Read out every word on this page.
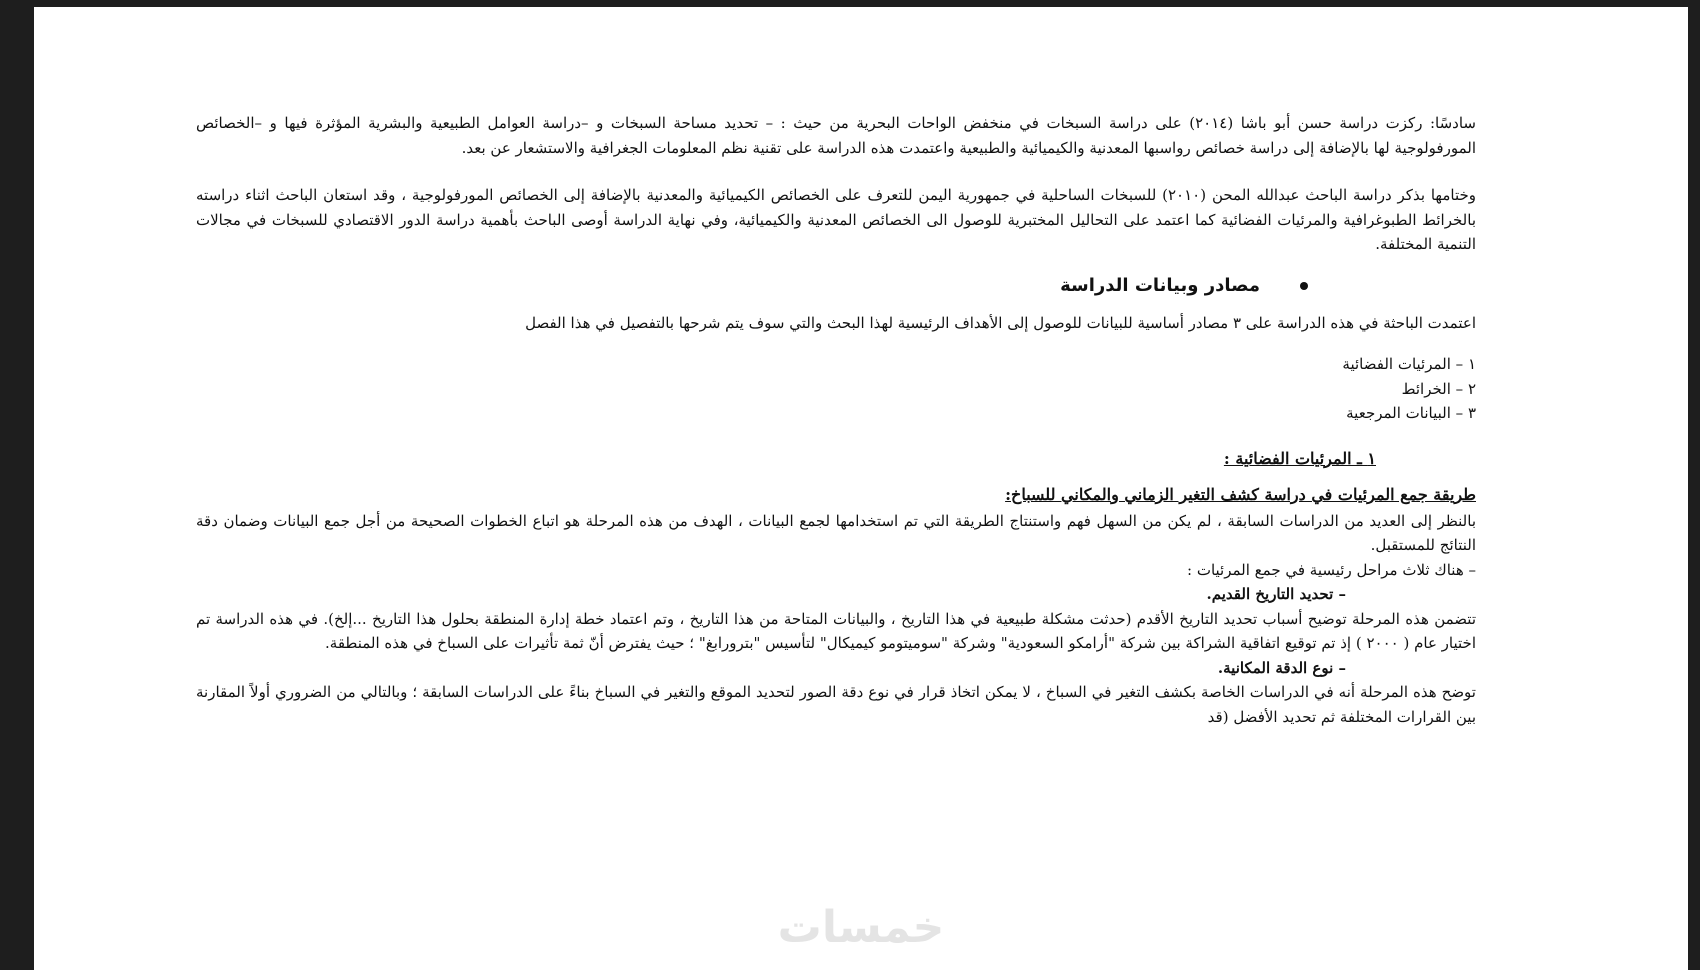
سادسًا: ركزت دراسة حسن أبو باشا (٢٠١٤) على دراسة السبخات في منخفض الواحات البحرية من حيث : – تحديد مساحة السبخات و –دراسة العوامل الطبيعية والبشرية المؤثرة فيها و –الخصائص المورفولوجية لها بالإضافة إلى دراسة خصائص رواسبها المعدنية والكيميائية والطبيعية واعتمدت هذه الدراسة على تقنية نظم المعلومات الجغرافية والاستشعار عن بعد.

وختامها بذكر دراسة الباحث عبدالله المحن (٢٠١٠) للسبخات الساحلية في جمهورية اليمن للتعرف على الخصائص الكيميائية والمعدنية بالإضافة إلى الخصائص المورفولوجية ، وقد استعان الباحث اثناء دراسته بالخرائط الطبوغرافية والمرئيات الفضائية كما اعتمد على التحاليل المختبرية للوصول الى الخصائص المعدنية والكيميائية، وفي نهاية الدراسة أوصى الباحث بأهمية دراسة الدور الاقتصادي للسبخات في مجالات التنمية المختلفة.

مصادر وبيانات الدراسة

اعتمدت الباحثة في هذه الدراسة على ٣ مصادر أساسية للبيانات للوصول إلى الأهداف الرئيسية لهذا البحث والتي سوف يتم شرحها بالتفصيل في هذا الفصل

١ – المرئيات الفضائية
٢ – الخرائط
٣ – البيانات المرجعية

١ ـ المرئيات الفضائية :

طريقة جمع المرئيات في دراسة كشف التغير الزماني والمكاني للسباخ:

بالنظر إلى العديد من الدراسات السابقة ، لم يكن من السهل فهم واستنتاج الطريقة التي تم استخدامها لجمع البيانات ، الهدف من هذه المرحلة هو اتباع الخطوات الصحيحة من أجل جمع البيانات وضمان دقة النتائج للمستقبل.

– هناك ثلاث مراحل رئيسية في جمع المرئيات :

– تحديد التاريخ القديم.

تتضمن هذه المرحلة توضيح أسباب تحديد التاريخ الأقدم (حدثت مشكلة طبيعية في هذا التاريخ ، والبيانات المتاحة من هذا التاريخ ، وتم اعتماد خطة إدارة المنطقة بحلول هذا التاريخ ...إلخ). في هذه الدراسة تم اختيار عام ( ٢٠٠٠ ) إذ تم توقيع اتفاقية الشراكة بين شركة "أرامكو السعودية" وشركة "سوميتومو كيميكال" لتأسيس "بترورابغ" ؛ حيث يفترض أنّ ثمة تأثيرات على السباخ في هذه المنطقة.

– نوع الدقة المكانية.

توضح هذه المرحلة أنه في الدراسات الخاصة بكشف التغير في السباخ ، لا يمكن اتخاذ قرار في نوع دقة الصور لتحديد الموقع والتغير في السباخ بناءً على الدراسات السابقة ؛ وبالتالي من الضروري أولاً المقارنة بين القرارات المختلفة ثم تحديد الأفضل (قد

خمسات
